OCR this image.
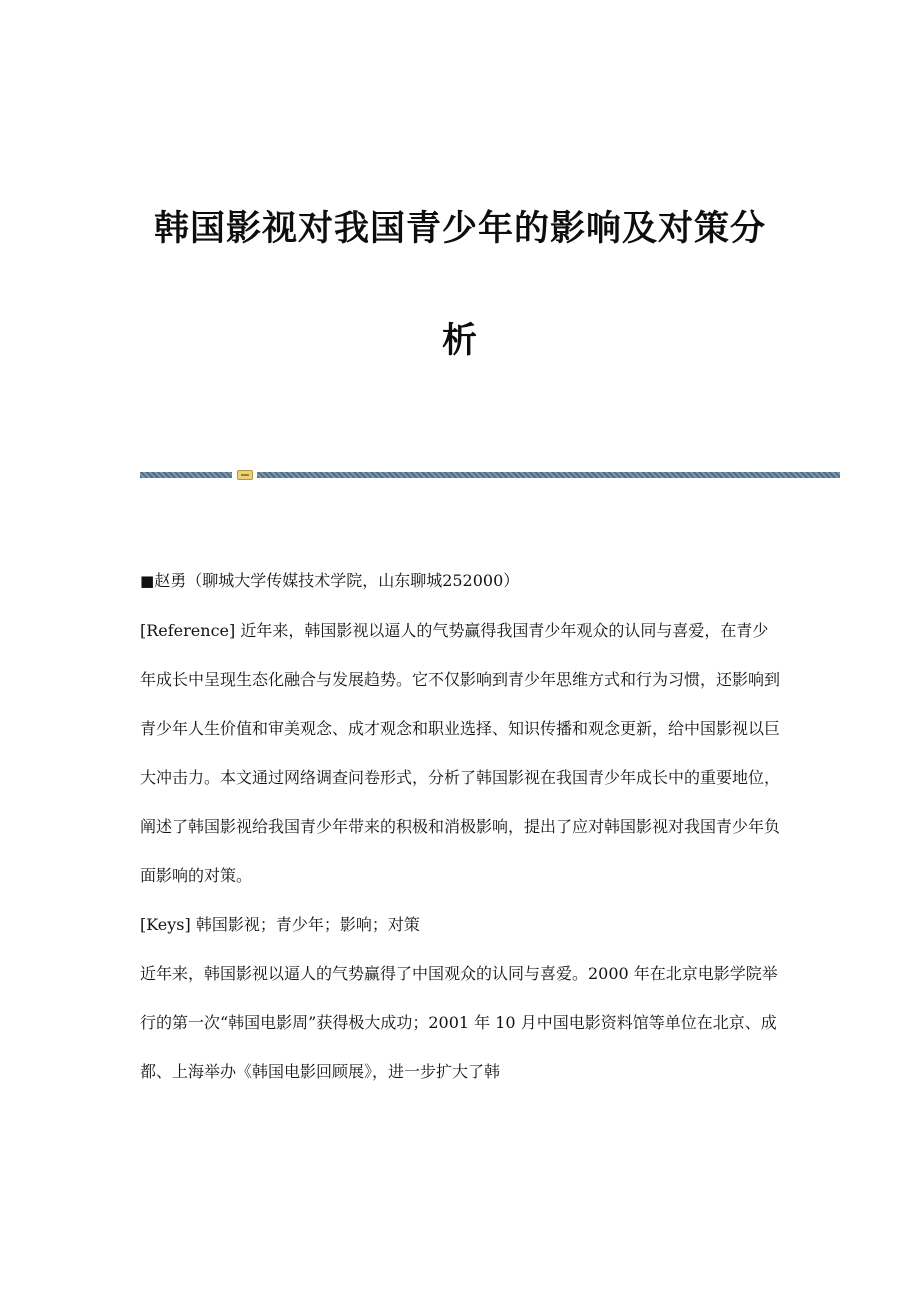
韩国影视对我国青少年的影响及对策分
析

■赵勇（聊城大学传媒技术学院，山东聊城252000）

[Reference] 近年来，韩国影视以逼人的气势赢得我国青少年观众的认同与喜爱，在青少年成长中呈现生态化融合与发展趋势。它不仅影响到青少年思维方式和行为习惯，还影响到青少年人生价值和审美观念、成才观念和职业选择、知识传播和观念更新，给中国影视以巨大冲击力。本文通过网络调查问卷形式，分析了韩国影视在我国青少年成长中的重要地位，阐述了韩国影视给我国青少年带来的积极和消极影响，提出了应对韩国影视对我国青少年负面影响的对策。

[Keys] 韩国影视；青少年；影响；对策

近年来，韩国影视以逼人的气势赢得了中国观众的认同与喜爱。2000 年在北京电影学院举行的第一次“韩国电影周”获得极大成功；2001 年 10 月中国电影资料馆等单位在北京、成都、上海举办《韩国电影回顾展》，进一步扩大了韩
